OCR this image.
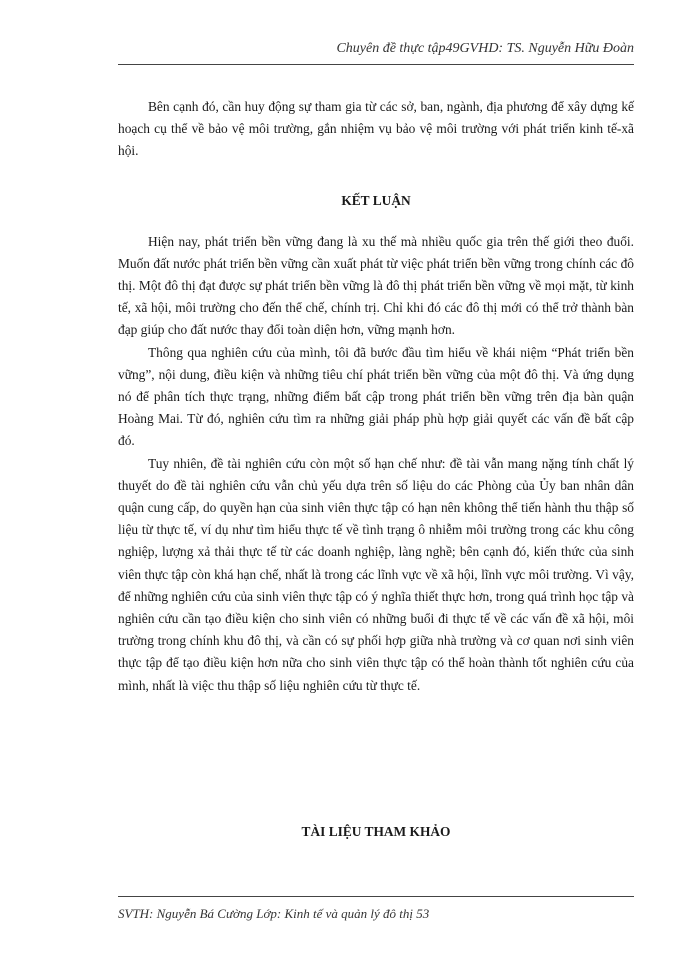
Chuyên đề thực tập49GVHD: TS. Nguyễn Hữu Đoàn

Bên cạnh đó, cần huy động sự tham gia từ các sở, ban, ngành, địa phương để xây dựng kế hoạch cụ thể về bảo vệ môi trường, gắn nhiệm vụ bảo vệ môi trường với phát triển kinh tế-xã hội.

KẾT LUẬN

Hiện nay, phát triển bền vững đang là xu thế mà nhiều quốc gia trên thế giới theo đuổi. Muốn đất nước phát triển bền vững cần xuất phát từ việc phát triển bền vững trong chính các đô thị. Một đô thị đạt được sự phát triển bền vững là đô thị phát triển bền vững về mọi mặt, từ kinh tế, xã hội, môi trường cho đến thể chế, chính trị. Chỉ khi đó các đô thị mới có thể trở thành bàn đạp giúp cho đất nước thay đổi toàn diện hơn, vững mạnh hơn.

Thông qua nghiên cứu của mình, tôi đã bước đầu tìm hiểu về khái niệm “Phát triển bền vững”, nội dung, điều kiện và những tiêu chí phát triển bền vững của một đô thị. Và ứng dụng nó để phân tích thực trạng, những điểm bất cập trong phát triển bền vững trên địa bàn quận Hoàng Mai. Từ đó, nghiên cứu tìm ra những giải pháp phù hợp giải quyết các vấn đề bất cập đó.

Tuy nhiên, đề tài nghiên cứu còn một số hạn chế như: đề tài vẫn mang nặng tính chất lý thuyết do đề tài nghiên cứu vẫn chủ yếu dựa trên số liệu do các Phòng của Ủy ban nhân dân quận cung cấp, do quyền hạn của sinh viên thực tập có hạn nên không thể tiến hành thu thập số liệu từ thực tế, ví dụ như tìm hiểu thực tế về tình trạng ô nhiễm môi trường trong các khu công nghiệp, lượng xả thải thực tế từ các doanh nghiệp, làng nghề; bên cạnh đó, kiến thức của sinh viên thực tập còn khá hạn chế, nhất là trong các lĩnh vực về xã hội, lĩnh vực môi trường. Vì vậy, để những nghiên cứu của sinh viên thực tập có ý nghĩa thiết thực hơn, trong quá trình học tập và nghiên cứu cần tạo điều kiện cho sinh viên có những buổi đi thực tế về các vấn đề xã hội, môi trường trong chính khu đô thị, và cần có sự phối hợp giữa nhà trường và cơ quan nơi sinh viên thực tập để tạo điều kiện hơn nữa cho sinh viên thực tập có thể hoàn thành tốt nghiên cứu của mình, nhất là việc thu thập số liệu nghiên cứu từ thực tế.

TÀI LIỆU THAM KHẢO
SVTH: Nguyễn Bá Cường Lớp: Kinh tế và quản lý đô thị 53
